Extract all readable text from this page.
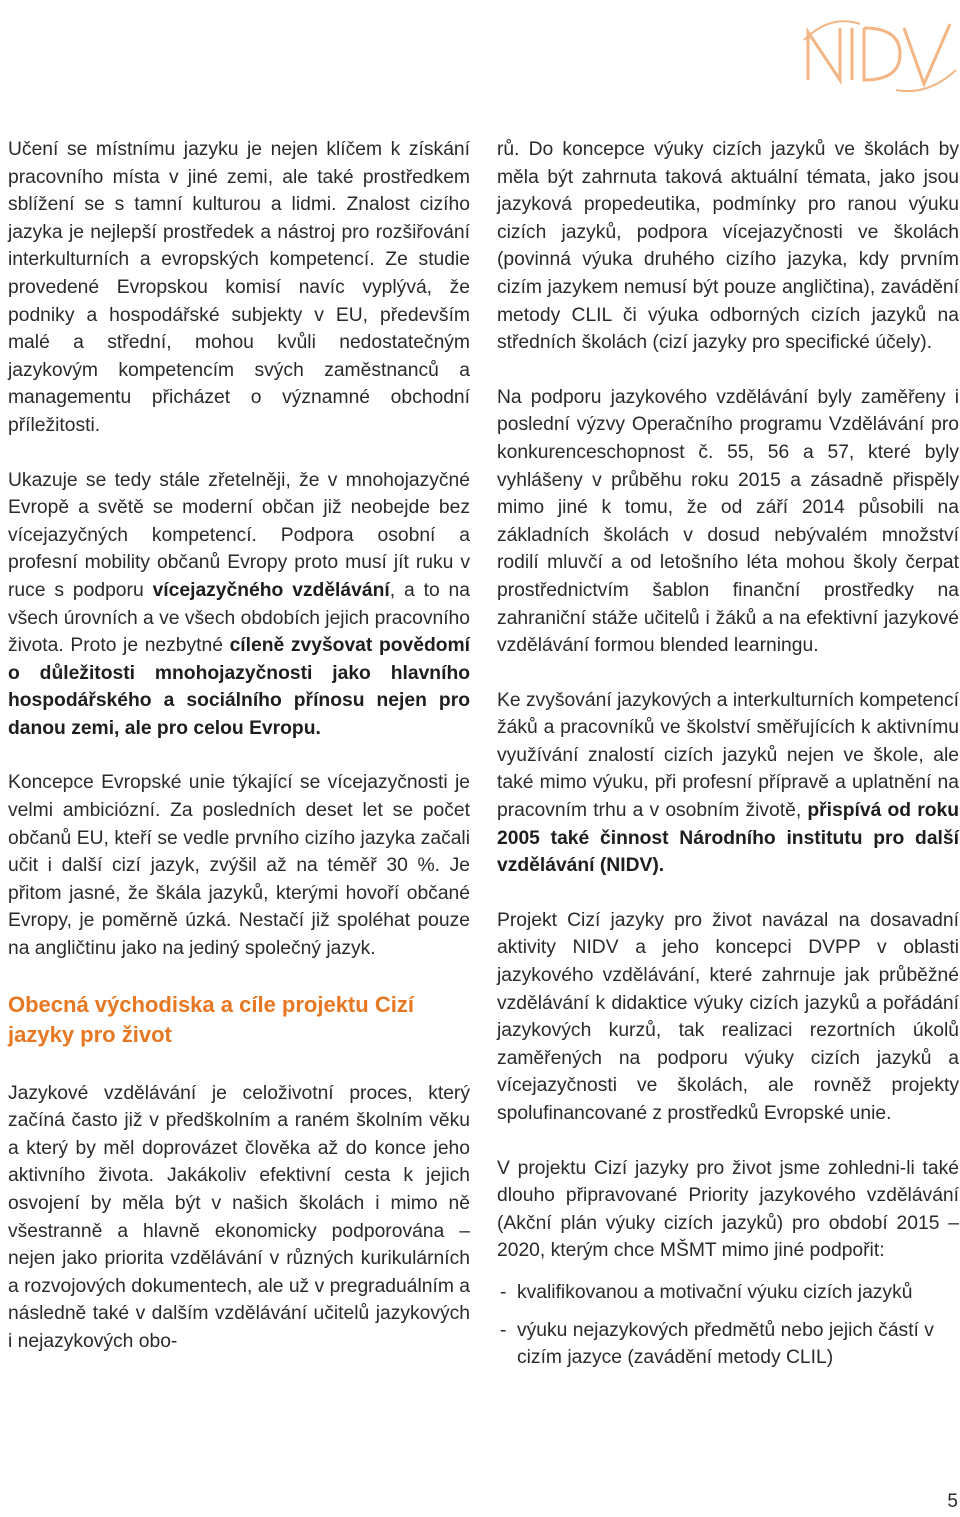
NIDV

Učení se místnímu jazyku je nejen klíčem k získání pracovního místa v jiné zemi, ale také prostředkem sblížení se s tamní kulturou a lidmi. Znalost cizího jazyka je nejlepší prostředek a nástroj pro rozšiřování interkulturních a evropských kompetencí. Ze studie provedené Evropskou komisí navíc vyplývá, že podniky a hospodářské subjekty v EU, především malé a střední, mohou kvůli nedostatečným jazykovým kompetencím svých zaměstnanců a managementu přicházet o významné obchodní příležitosti.

Ukazuje se tedy stále zřetelněji, že v mnohojazyčné Evropě a světě se moderní občan již neobejde bez vícejazyčných kompetencí. Podpora osobní a profesní mobility občanů Evropy proto musí jít ruku v ruce s podporu vícejazyčného vzdělávání, a to na všech úrovních a ve všech obdobích jejich pracovního života. Proto je nezbytné cíleně zvyšovat povědomí o důležitosti mnohojazyčnosti jako hlavního hospodářského a sociálního přínosu nejen pro danou zemi, ale pro celou Evropu.

Koncepce Evropské unie týkající se vícejazyčnosti je velmi ambiciózní. Za posledních deset let se počet občanů EU, kteří se vedle prvního cizího jazyka začali učit i další cizí jazyk, zvýšil až na téměř 30 %. Je přitom jasné, že škála jazyků, kterými hovoří občané Evropy, je poměrně úzká. Nestačí již spoléhat pouze na angličtinu jako na jediný společný jazyk.

Obecná východiska a cíle projektu Cizí jazyky pro život

Jazykové vzdělávání je celoživotní proces, který začíná často již v předškolním a raném školním věku a který by měl doprovázet člověka až do konce jeho aktivního života. Jakákoliv efektivní cesta k jejich osvojení by měla být v našich školách i mimo ně všestranně a hlavně ekonomicky podporována – nejen jako priorita vzdělávání v různých kurikulárních a rozvojových dokumentech, ale už v pregraduálním a následně také v dalším vzdělávání učitelů jazykových i nejazykových obo-

rů. Do koncepce výuky cizích jazyků ve školách by měla být zahrnuta taková aktuální témata, jako jsou jazyková propedeutika, podmínky pro ranou výuku cizích jazyků, podpora vícejazyčnosti ve školách (povinná výuka druhého cizího jazyka, kdy prvním cizím jazykem nemusí být pouze angličtina), zavádění metody CLIL či výuka odborných cizích jazyků na středních školách (cizí jazyky pro specifické účely).

Na podporu jazykového vzdělávání byly zaměřeny i poslední výzvy Operačního programu Vzdělávání pro konkurenceschopnost č. 55, 56 a 57, které byly vyhlášeny v průběhu roku 2015 a zásadně přispěly mimo jiné k tomu, že od září 2014 působili na základních školách v dosud nebývalém množství rodilí mluvčí a od letošního léta mohou školy čerpat prostřednictvím šablon finanční prostředky na zahraniční stáže učitelů i žáků a na efektivní jazykové vzdělávání formou blended learningu.

Ke zvyšování jazykových a interkulturních kompetencí žáků a pracovníků ve školství směřujících k aktivnímu využívání znalostí cizích jazyků nejen ve škole, ale také mimo výuku, při profesní přípravě a uplatnění na pracovním trhu a v osobním životě, přispívá od roku 2005 také činnost Národního institutu pro další vzdělávání (NIDV).

Projekt Cizí jazyky pro život navázal na dosavadní aktivity NIDV a jeho koncepci DVPP v oblasti jazykového vzdělávání, které zahrnuje jak průběžné vzdělávání k didaktice výuky cizích jazyků a pořádání jazykových kurzů, tak realizaci rezortních úkolů zaměřených na podporu výuky cizích jazyků a vícejazyčnosti ve školách, ale rovněž projekty spolufinancované z prostředků Evropské unie.

V projektu Cizí jazyky pro život jsme zohledni-li také dlouho připravované Priority jazykového vzdělávání (Akční plán výuky cizích jazyků) pro období 2015 – 2020, kterým chce MŠMT mimo jiné podpořit:

- kvalifikovanou a motivační výuku cizích jazyků
- výuku nejazykových předmětů nebo jejich částí v cizím jazyce (zavádění metody CLIL)
5
